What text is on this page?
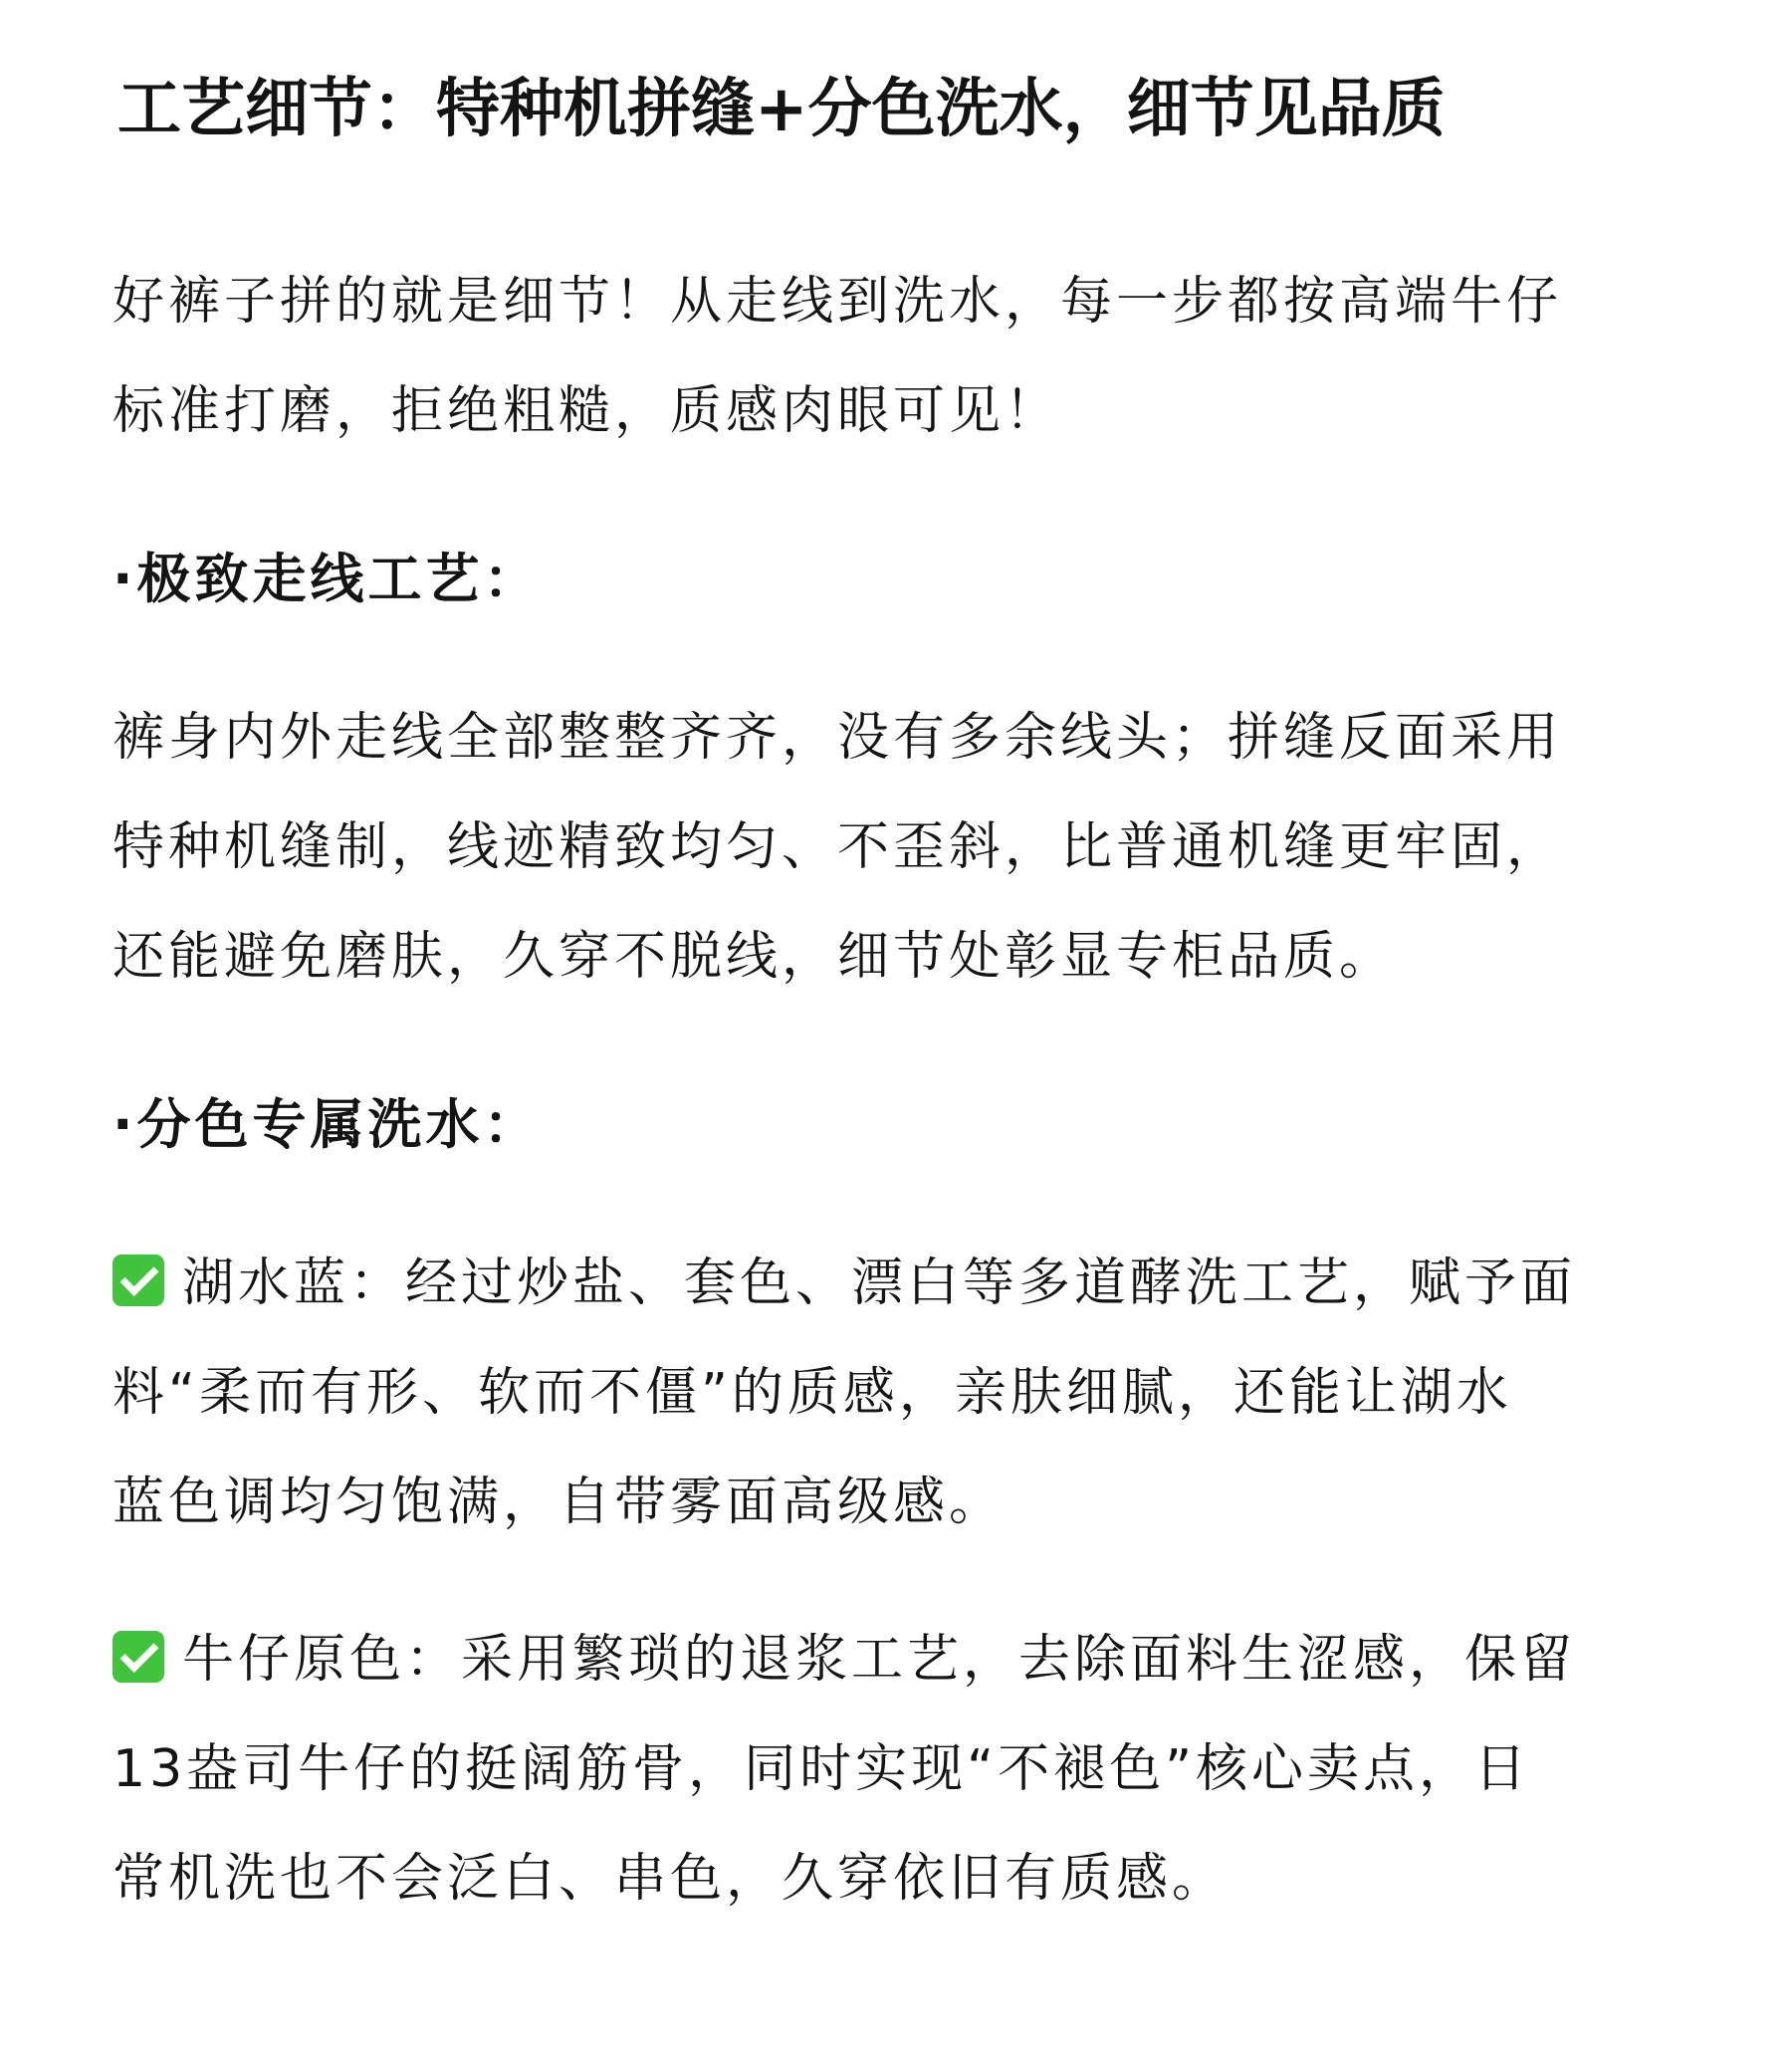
工艺细节：特种机拼缝+分色洗水，细节见品质

好裤子拼的就是细节！从走线到洗水，每一步都按高端牛仔
标准打磨，拒绝粗糙，质感肉眼可见！

·极致走线工艺：

裤身内外走线全部整整齐齐，没有多余线头；拼缝反面采用
特种机缝制，线迹精致均匀、不歪斜，比普通机缝更牢固，
还能避免磨肤，久穿不脱线，细节处彰显专柜品质。

·分色专属洗水：

湖水蓝：经过炒盐、套色、漂白等多道酵洗工艺，赋予面
料“柔而有形、软而不僵”的质感，亲肤细腻，还能让湖水
蓝色调均匀饱满，自带雾面高级感。

牛仔原色：采用繁琐的退浆工艺，去除面料生涩感，保留
13盎司牛仔的挺阔筋骨，同时实现“不褪色”核心卖点，日
常机洗也不会泛白、串色，久穿依旧有质感。
